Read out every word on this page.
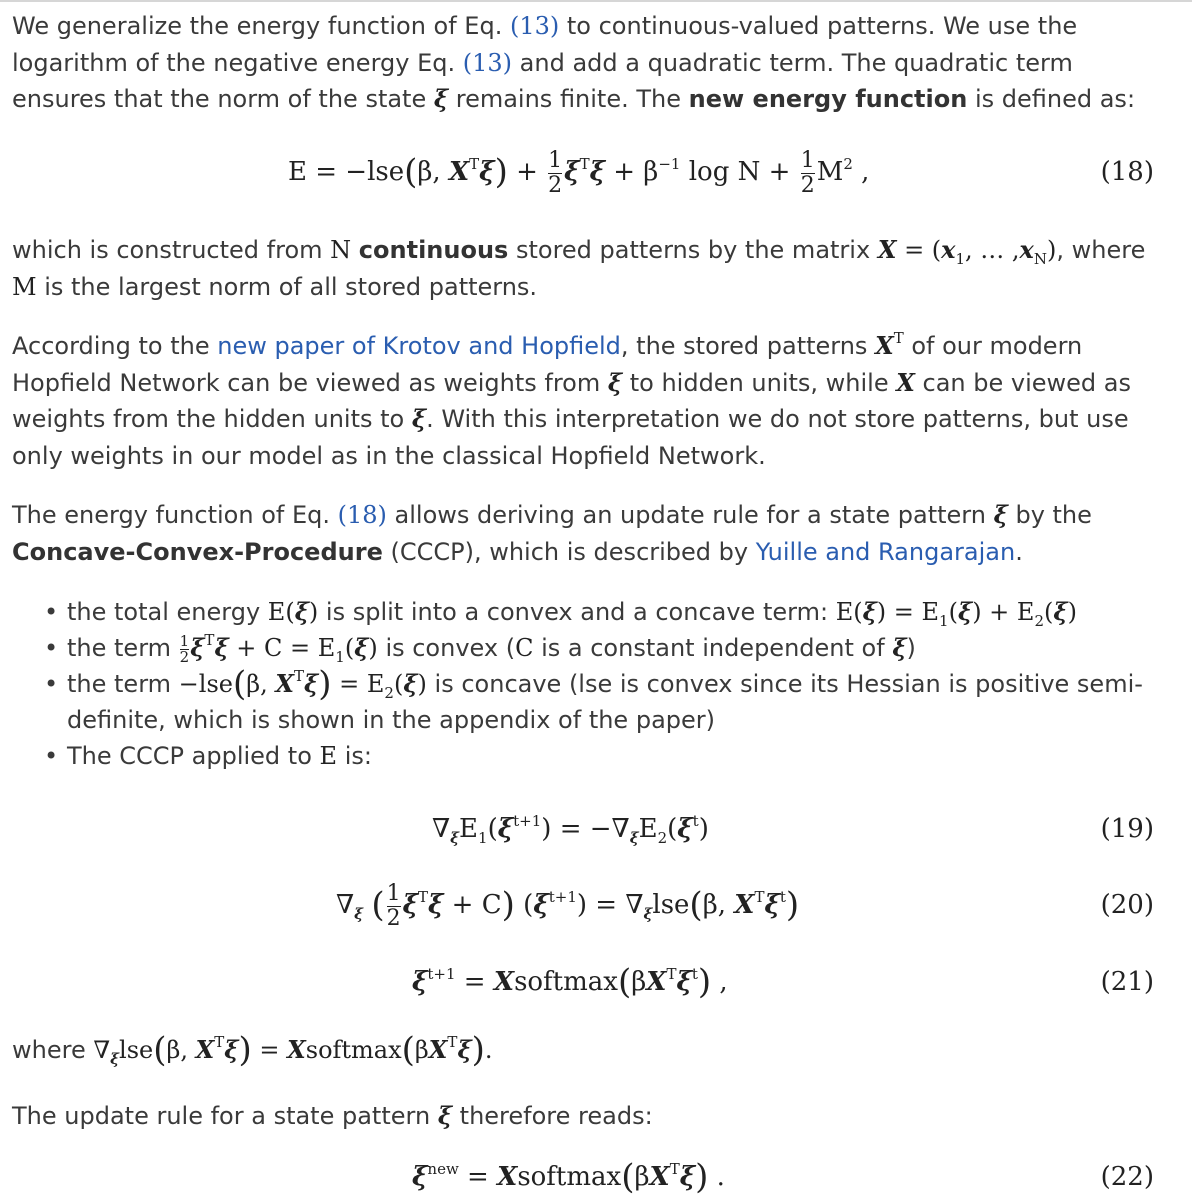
We generalize the energy function of Eq. (13) to continuous-valued patterns. We use the logarithm of the negative energy Eq. (13) and add a quadratic term. The quadratic term ensures that the norm of the state ξ remains finite. The new energy function is defined as:

E = −lse(β, $X^T\xi) + \frac{1}{2} \xi^T\xi + \beta^{-1}$ $\log N + \frac{1}{2} M^2$ ,	(18)

which is constructed from N continuous stored patterns by the matrix $X = (x_1$, … $,x_N$), where M is the largest norm of all stored patterns.

According to the new paper of Krotov and Hopfield, the stored patterns $X^T$ of our modern Hopfield Network can be viewed as weights from ξ to hidden units, while X can be viewed as weights from the hidden units to ξ. With this interpretation we do not store patterns, but use only weights in our model as in the classical Hopfield Network.

The energy function of Eq. (18) allows deriving an update rule for a state pattern ξ by the Concave-Convex-Procedure (CCCP), which is described by Yuille and Rangarajan.

• the total energy E(ξ) is split into a convex and a concave term: $E(\xi) = E_1(\xi) + E_2(\xi)$
• the term $\frac{1}{2} \xi^T\xi + C = E_1(\xi)$ is convex (C is a constant independent of ξ)
• the term −lse(β, $X^T\xi) = E_2(\xi)$ is concave (lse is convex since its Hessian is positive semi-definite, which is shown in the appendix of the paper)
• The CCCP applied to E is:
$\nabla_\xi E_1(\xi^{t+1}) = -\nabla_\xi E_2(\xi^t)$	(19)
$\nabla_\xi$ ( $\frac{1}{2} \xi^T\xi + C$) $(\xi^{t+1}) = \nabla_\xi lse(\beta$, $X^T\xi^t$)	(20)
$\xi^{t+1}$ = $Xsoftmax(\beta X^T\xi^t)$ ,	(21)

where $\nabla_\xi lse(\beta$, $X^T\xi$) = $Xsoftmax(\beta X^T\xi)$.

The update rule for a state pattern ξ therefore reads:

$\xi^{new}$ = $Xsoftmax(\beta X^T\xi)$ .	(22)
